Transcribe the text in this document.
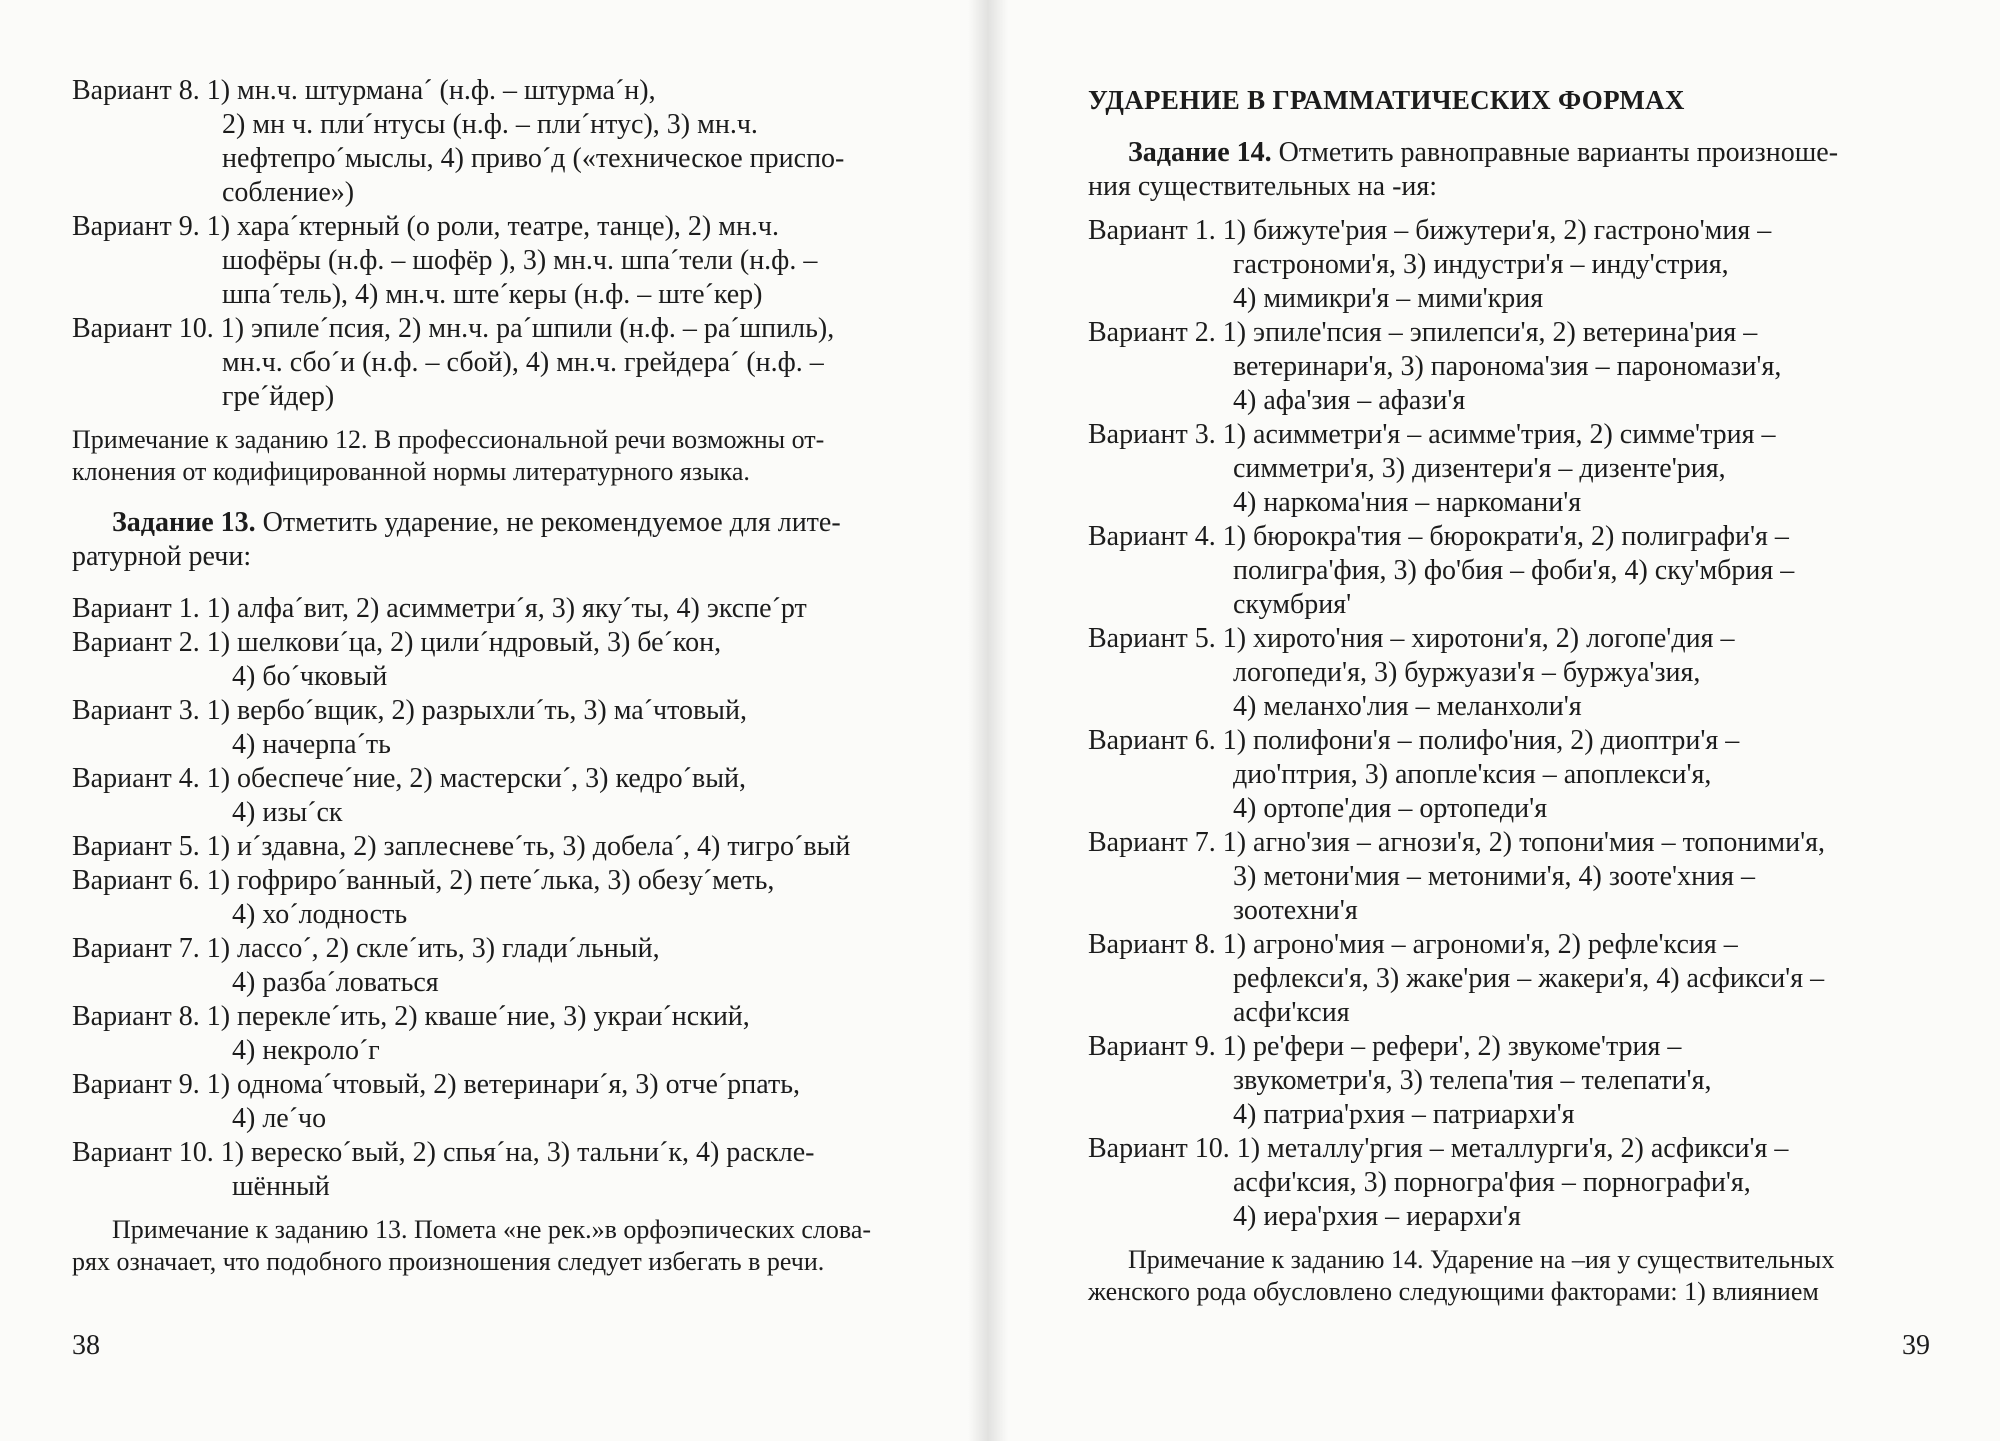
Вариант 8. 1) мн.ч. штурмана´ (н.ф. – штурма´н),
2) мн ч. пли´нтусы (н.ф. – пли´нтус), 3) мн.ч.
нефтепро´мыслы, 4) приво´д («техническое приспо-
собление»)
Вариант 9. 1) хара´ктерный (о роли, театре, танце), 2) мн.ч.
шофёры (н.ф. – шофёр ), 3) мн.ч. шпа´тели (н.ф. –
шпа´тель), 4) мн.ч. ште´керы (н.ф. – ште´кер)
Вариант 10. 1) эпиле´псия, 2) мн.ч. ра´шпили (н.ф. – ра´шпиль),
мн.ч. сбо´и (н.ф. – сбой), 4) мн.ч. грейдера´ (н.ф. –
гре´йдер)
Примечание к заданию 12. В профессиональной речи возможны от-
клонения от кодифицированной нормы литературного языка.
Задание 13. Отметить ударение, не рекомендуемое для лите-
ратурной речи:
Вариант 1. 1) алфа´вит, 2) асимметри´я, 3) яку´ты, 4) экспе´рт
Вариант 2. 1) шелкови´ца, 2) цили´ндровый, 3) бе´кон,
4) бо´чковый
Вариант 3. 1) вербо´вщик, 2) разрыхли´ть, 3) ма´чтовый,
4) начерпа´ть
Вариант 4. 1) обеспече´ние, 2) мастерски´, 3) кедро´вый,
4) изы´ск
Вариант 5. 1) и´здавна, 2) заплесневе´ть, 3) добела´, 4) тигро´вый
Вариант 6. 1) гофриро´ванный, 2) пете´лька, 3) обезу´меть,
4) хо´лодность
Вариант 7. 1) лассо´, 2) скле´ить, 3) глади´льный,
4) разба´ловаться
Вариант 8. 1) перекле´ить, 2) кваше´ние, 3) украи´нский,
4) некроло´г
Вариант 9. 1) однома´чтовый, 2) ветеринари´я, 3) отче´рпать,
4) ле´чо
Вариант 10. 1) вереско´вый, 2) спья´на, 3) тальни´к, 4) раскле-
шённый
Примечание к заданию 13. Помета «не рек.»в орфоэпических слова-
рях означает, что подобного произношения следует избегать в речи.
УДАРЕНИЕ В ГРАММАТИЧЕСКИХ ФОРМАХ
Задание 14. Отметить равноправные варианты произноше-
ния существительных на -ия:
Вариант 1. 1) бижуте'рия – бижутери'я, 2) гастроно'мия –
гастрономи'я, 3) индустри'я – инду'стрия,
4) мимикри'я – мими'крия
Вариант 2. 1) эпиле'псия – эпилепси'я, 2) ветерина'рия –
ветеринари'я, 3) паронома'зия – парономази'я,
4) афа'зия – афази'я
Вариант 3. 1) асимметри'я – асимме'трия, 2) симме'трия –
симметри'я, 3) дизентери'я – дизенте'рия,
4) наркома'ния – наркомани'я
Вариант 4. 1) бюрокра'тия – бюрократи'я, 2) полиграфи'я –
полигра'фия, 3) фо'бия – фоби'я, 4) ску'мбрия –
скумбрия'
Вариант 5. 1) хирото'ния – хиротони'я, 2) логопе'дия –
логопеди'я, 3) буржуази'я – буржуа'зия,
4) меланхо'лия – меланхоли'я
Вариант 6. 1) полифони'я – полифо'ния, 2) диоптри'я –
дио'птрия, 3) апопле'ксия – апоплекси'я,
4) ортопе'дия – ортопеди'я
Вариант 7. 1) агно'зия – агнози'я, 2) топони'мия – топоними'я,
3) метони'мия – метоними'я, 4) зооте'хния –
зоотехни'я
Вариант 8. 1) агроно'мия – агрономи'я, 2) рефле'ксия –
рефлекси'я, 3) жаке'рия – жакери'я, 4) асфикси'я –
асфи'ксия
Вариант 9. 1) ре'фери – рефери', 2) звукоме'трия –
звукометри'я, 3) телепа'тия – телепати'я,
4) патриа'рхия – патриархи'я
Вариант 10. 1) металлу'ргия – металлурги'я, 2) асфикси'я –
асфи'ксия, 3) порногра'фия – порнографи'я,
4) иера'рхия – иерархи'я
Примечание к заданию 14. Ударение на –ия у существительных
женского рода обусловлено следующими факторами: 1) влиянием
38	39
